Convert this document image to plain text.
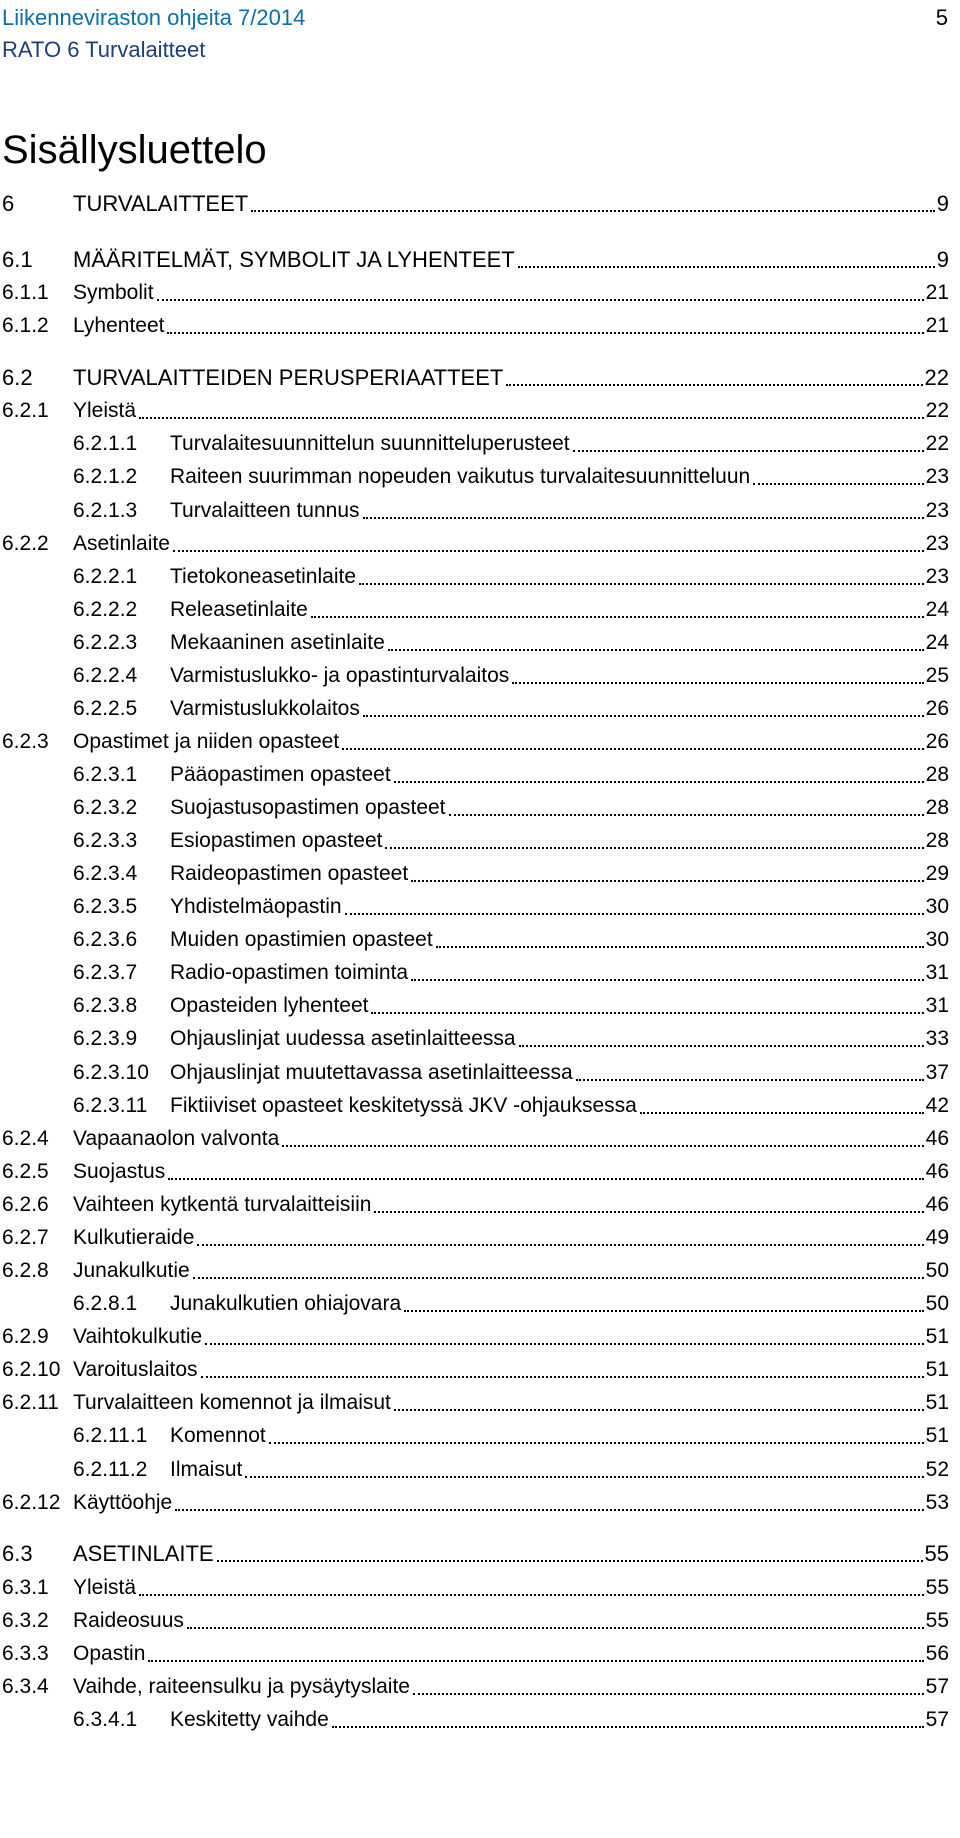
Liikenneviraston ohjeita 7/2014
RATO 6 Turvalaitteet
5
Sisällysluettelo
6	TURVALAITTEET	9
6.1	MÄÄRITELMÄT, SYMBOLIT JA LYHENTEET	9
6.1.1	Symbolit	21
6.1.2	Lyhenteet	21
6.2	TURVALAITTEIDEN PERUSPERIAATTEET	22
6.2.1	Yleistä	22
6.2.1.1	Turvalaitesuunnittelun suunnitteluperusteet	22
6.2.1.2	Raiteen suurimman nopeuden vaikutus turvalaitesuunnitteluun	23
6.2.1.3	Turvalaitteen tunnus	23
6.2.2	Asetinlaite	23
6.2.2.1	Tietokoneasetinlaite	23
6.2.2.2	Releasetinlaite	24
6.2.2.3	Mekaaninen asetinlaite	24
6.2.2.4	Varmistuslukko- ja opastinturvalaitos	25
6.2.2.5	Varmistuslukkolaitos	26
6.2.3	Opastimet ja niiden opasteet	26
6.2.3.1	Pääopastimen opasteet	28
6.2.3.2	Suojastusopastimen opasteet	28
6.2.3.3	Esiopastimen opasteet	28
6.2.3.4	Raideopastimen opasteet	29
6.2.3.5	Yhdistelmäopastin	30
6.2.3.6	Muiden opastimien opasteet	30
6.2.3.7	Radio-opastimen toiminta	31
6.2.3.8	Opasteiden lyhenteet	31
6.2.3.9	Ohjauslinjat uudessa asetinlaitteessa	33
6.2.3.10	Ohjauslinjat muutettavassa asetinlaitteessa	37
6.2.3.11	Fiktiiviset opasteet keskitetyssä JKV -ohjauksessa	42
6.2.4	Vapaanaolon valvonta	46
6.2.5	Suojastus	46
6.2.6	Vaihteen kytkentä turvalaitteisiin	46
6.2.7	Kulkutieraide	49
6.2.8	Junakulkutie	50
6.2.8.1	Junakulkutien ohiajovara	50
6.2.9	Vaihtokulkutie	51
6.2.10 Varoituslaitos	51
6.2.11 Turvalaitteen komennot ja ilmaisut	51
6.2.11.1	Komennot	51
6.2.11.2	Ilmaisut	52
6.2.12 Käyttöohje	53
6.3	ASETINLAITE	55
6.3.1	Yleistä	55
6.3.2	Raideosuus	55
6.3.3	Opastin	56
6.3.4	Vaihde, raiteensulku ja pysäytyslaite	57
6.3.4.1	Keskitetty vaihde	57
